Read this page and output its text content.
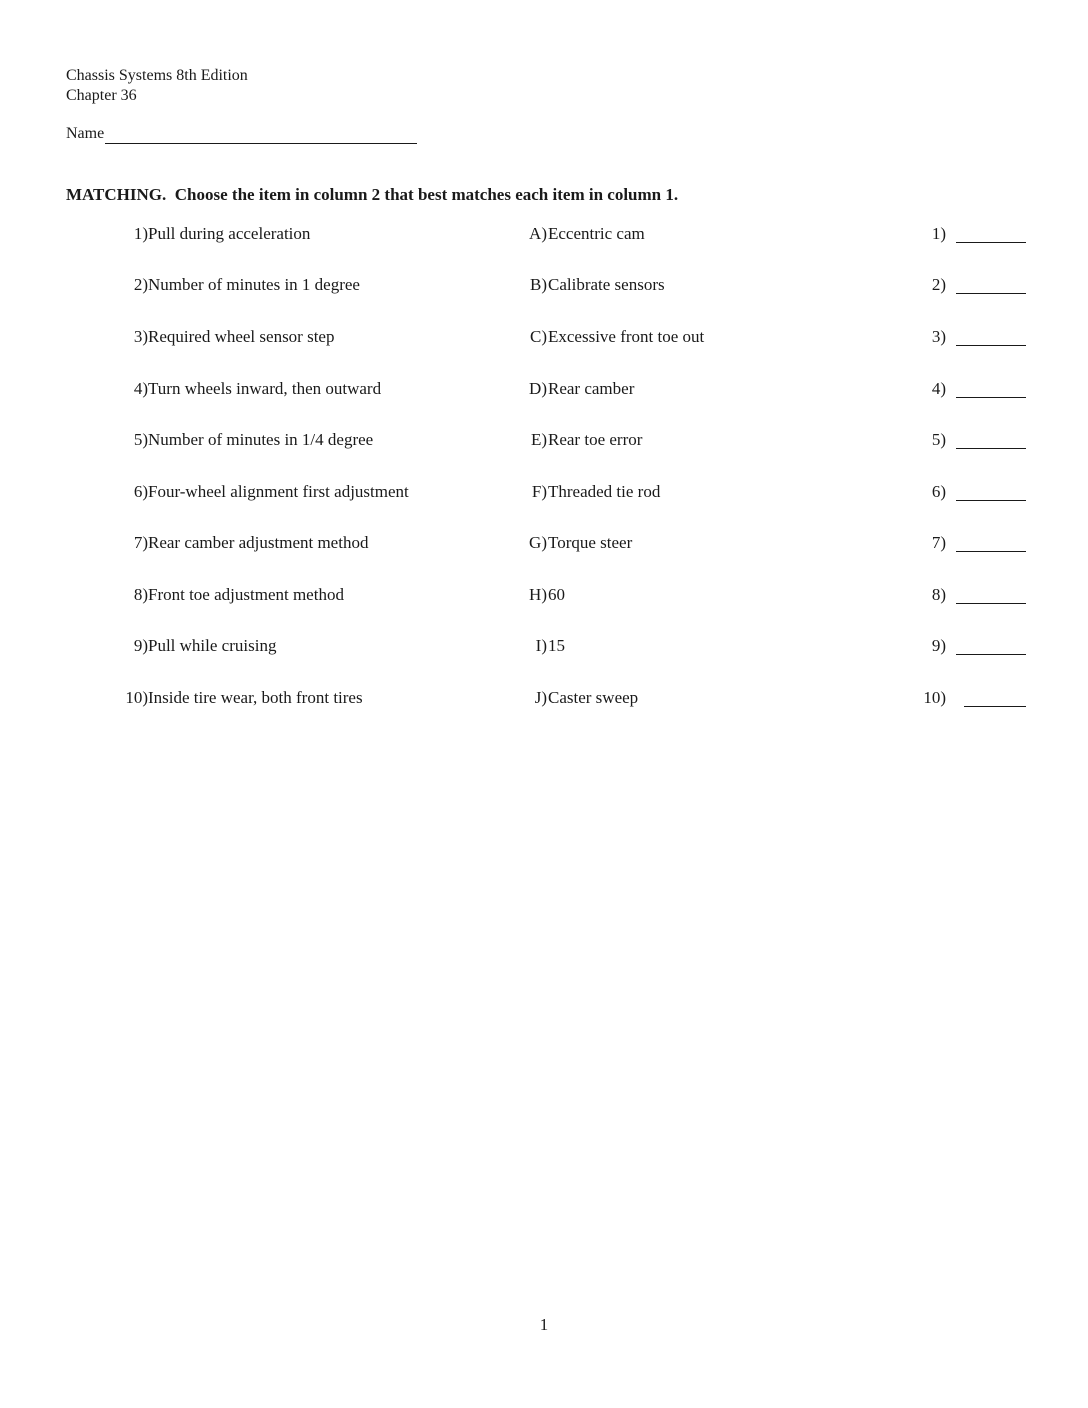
Chassis Systems 8th Edition
Chapter 36
Name
MATCHING.  Choose the item in column 2 that best matches each item in column 1.
1) Pull during acceleration	A) Eccentric cam	1)
2) Number of minutes in 1 degree	B) Calibrate sensors	2)
3) Required wheel sensor step	C) Excessive front toe out	3)
4) Turn wheels inward, then outward	D) Rear camber	4)
5) Number of minutes in 1/4 degree	E) Rear toe error	5)
6) Four-wheel alignment first adjustment	F) Threaded tie rod	6)
7) Rear camber adjustment method	G) Torque steer	7)
8) Front toe adjustment method	H) 60	8)
9) Pull while cruising	I) 15	9)
10) Inside tire wear, both front tires	J) Caster sweep	10)
1
